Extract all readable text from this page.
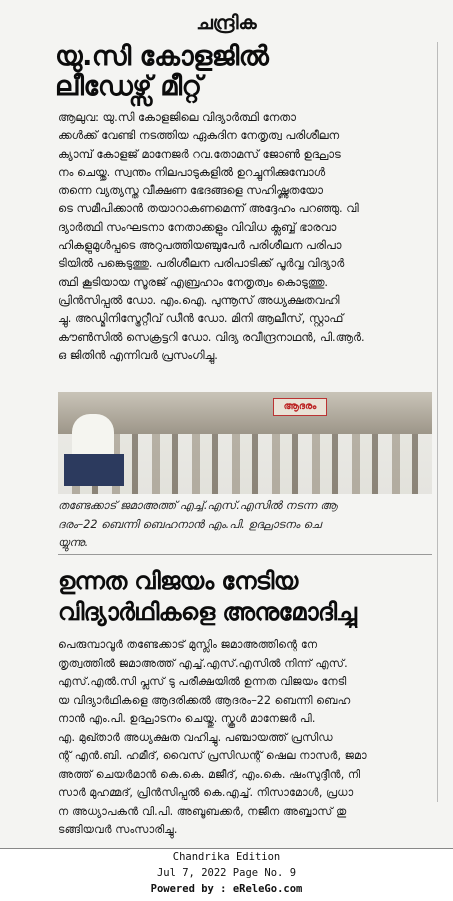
ചന്ദ്രിക
യു.സി കോളജിൽ
ലീഡേഴ്സ് മീറ്റ്
ആലുവ: യു.സി കോളജിലെ വിദ്യാർത്ഥി നേതാ
ക്കൾക്ക് വേണ്ടി നടത്തിയ ഏകദിന നേതൃത്വ പരിശീലന
ക്യാമ്പ് കോളജ് മാനേജർ റവ.തോമസ് ജോൺ ഉദ്ഘാട
നം ചെയ്തു. സ്വന്തം നിലപാടുകളിൽ ഉറച്ചുനിക്കുമ്പോൾ
തന്നെ വ്യത്യസ്ത വീക്ഷണ ഭേദങ്ങളെ സഹിഷ്ണുതയോ
ടെ സമീപിക്കാൻ തയാറാകണമെന്ന് അദ്ദേഹം പറഞ്ഞു. വി
ദ്യാർത്ഥി സംഘടനാ നേതാക്കളും വിവിധ ക്ലബ്ബ് ഭാരവാ
ഹികളുമുൾപ്പടെ അറുപത്തിയഞ്ചുപേർ പരിശീലന പരിപാ
ടിയിൽ പങ്കെടുത്തു. പരിശീലന പരിപാടിക്ക് പൂർവ്വ വിദ്യാർ
ത്ഥി കൂടിയായ സൂരജ് എബ്രഹാം നേതൃത്വം കൊടുത്തു.
പ്രിൻസിപ്പൽ ഡോ. എം.ഐ. പുന്നൂസ് അധ്യക്ഷതവഹി
ച്ചു. അഡ്മിനിസ്ട്രേറ്റീവ് ഡീൻ ഡോ. മിനി ആലീസ്, സ്റ്റാഫ്
കൗൺസിൽ സെക്രട്ടറി ഡോ. വിദ്യ രവീന്ദ്രനാഥൻ, പി.ആർ.
ഒ ജിതിൻ എന്നിവർ പ്രസംഗിച്ചു.
ആദരം
തണ്ടേക്കാട് ജമാഅത്ത് എച്ച്.എസ്.എസിൽ നടന്ന ആ
ദരം–22 ബെന്നി ബെഹനാൻ എം.പി. ഉദ്ഘാടനം ചെ
യ്യുന്നു.
ഉന്നത വിജയം നേടിയ
വിദ്യാർഥികളെ അനുമോദിച്ചു
പെരുമ്പാവൂർ തണ്ടേക്കാട് മുസ്ലിം ജമാഅത്തിന്റെ നേ
തൃത്വത്തിൽ ജമാഅത്ത് എച്ച്.എസ്.എസിൽ നിന്ന് എസ്.
എസ്.എൽ.സി പ്ലസ് ടു പരീക്ഷയിൽ ഉന്നത വിജയം നേടി
യ വിദ്യാർഥികളെ ആദരിക്കൽ ആദരം–22 ബെന്നി ബെഹ
നാൻ എം.പി. ഉദ്ഘാടനം ചെയ്തു. സ്കൂൾ മാനേജർ പി.
എ. മുഖ്താർ അധ്യക്ഷത വഹിച്ചു. പഞ്ചായത്ത് പ്രസിഡ
ന്റ് എൻ.ബി. ഹമീദ്, വൈസ് പ്രസിഡന്റ് ഷെല നാസർ, ജമാ
അത്ത് ചെയർമാൻ കെ.കെ. മജീദ്, എം.കെ. ഷംസുദ്ദീൻ, നി
സാർ മുഹമ്മദ്, പ്രിൻസിപ്പൽ കെ.എച്ച്. നിസാമോൾ, പ്രധാ
ന അധ്യാപകൻ വി.പി. അബൂബക്കർ, നജീന അബ്ബാസ് തു
ടങ്ങിയവർ സംസാരിച്ചു.
Chandrika Edition
Jul 7, 2022 Page No. 9
Powered by : eReleGo.com
